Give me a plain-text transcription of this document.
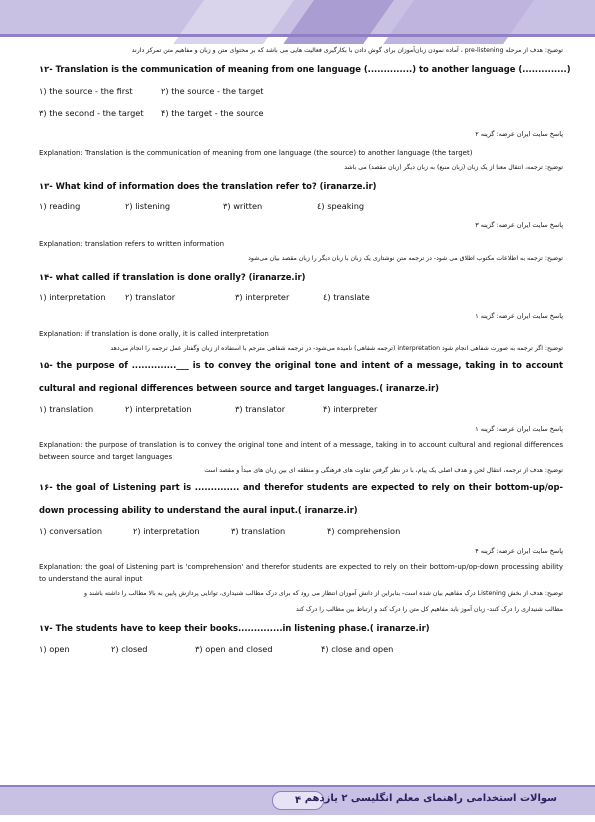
توضیح: هدف از مرحله pre-listening ، آماده نمودن زبان‌آموزان برای گوش دادن با بکارگیری فعالیت هایی می باشد که بر محتوای متن و زبان و مفاهیم متن تمرکز دارند
۱۲- Translation is the communication of meaning from one language (..............) to another language (..............)
۱) the source - the first	۲) the source - the target
۳) the second - the target	۴) the target - the source
پاسخ سایت ایران عرضه: گزینه ۲
Explanation: Translation is the communication of meaning from one language (the source) to another language (the target)
توضیح: ترجمه، انتقال معنا از یک زبان (زبان منبع) به زبان دیگر (زبان مقصد) می باشد
۱۳- What kind of information does the translation refer to? (iranarze.ir)
۱) reading	۲) listening	۳) written	٤) speaking
پاسخ سایت ایران عرضه: گزینه ۳
Explanation: translation refers to written information
توضیح: ترجمه به اطلاعات مکتوب اطلاق می شود- در ترجمه متن نوشتاری یک زبان با زبان دیگر را زبان مقصد بیان می‌شود
۱۴- what called if translation is done orally? (iranarze.ir)
۱) interpretation	۲) translator	۳) interpreter	٤) translate
پاسخ سایت ایران عرضه: گزینه ۱
Explanation: if translation is done orally, it is called interpretation
توضیح: اگر ترجمه به صورت شفاهی انجام شود interpretation (ترجمه شفاهی) نامیده می‌شود- در ترجمه شفاهی مترجم با استفاده از زبان وگفتار عمل ترجمه را انجام می‌دهد
۱۵- the purpose of ..............___ is to convey the original tone and intent of a message, taking in to account cultural and regional differences between source and target languages.( iranarze.ir)
۱) translation	۲) interpretation	۳) translator	۴) interpreter
پاسخ سایت ایران عرضه: گزینه ۱
Explanation: the purpose of translation is to convey the original tone and intent of a message, taking in to account cultural and regional differences between source and target languages
توضیح: هدف از ترجمه، انتقال لحن و هدف اصلی یک پیام، با در نظر گرفتن تفاوت های فرهنگی و منطقه ای بین زبان های مبدأ و مقصد است
۱۶- the goal of Listening part is .............. and therefor students are expected to rely on their bottom-up/op-down processing ability to understand the aural input.( iranarze.ir)
۱) conversation	۲) interpretation	۳) translation	۴) comprehension
پاسخ سایت ایران عرضه: گزینه ۴
Explanation: the goal of Listening part is 'comprehension' and therefor students are expected to rely on their bottom-up/op-down processing ability to understand the aural input
توضیح: هدف از بخش Listening درک مفاهیم بیان شده است- بنابراین از دانش آموزان انتظار می رود که برای درک مطالب شنیداری، توانایی پردازش پایین به بالا مطالب را داشته باشند و
مطالب شنیداری را درک کنند- زبان آموز باید مفاهیم کل متن را درک کند و ارتباط بین مطالب را درک کند
۱۷- The students have to keep their books..............in listening phase.( iranarze.ir)
۱) open	۲) closed	۳) open and closed	۴) close and open
۴ سوالات استخدامی راهنمای معلم انگلیسی ۲ یازدهم
